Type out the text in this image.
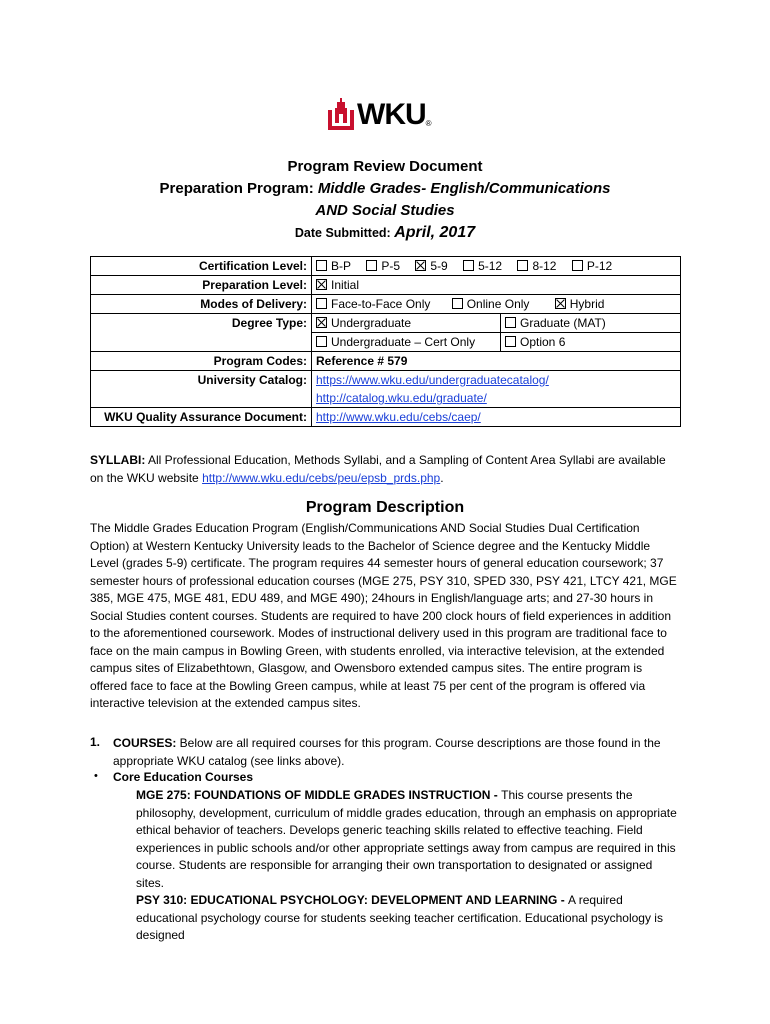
WKU ®
Program Review Document
Preparation Program: Middle Grades- English/Communications
AND Social Studies
Date Submitted: April, 2017
Certification Level:	B-P P-5 5-9 5-12 8-12 P-12
Preparation Level:	Initial
Modes of Delivery:	Face-to-Face Only Online Only Hybrid
Degree Type:	Undergraduate Graduate (MAT)

	Undergraduate – Cert Only Option 6

Program Codes:	Reference # 579
University Catalog:	https://www.wku.edu/undergraduatecatalog/

	http://catalog.wku.edu/graduate/
WKU Quality Assurance Document:	http://www.wku.edu/cebs/caep/
SYLLABI: All Professional Education, Methods Syllabi, and a Sampling of Content Area Syllabi are available on the WKU website http://www.wku.edu/cebs/peu/epsb_prds.php.
Program Description
The Middle Grades Education Program (English/Communications AND Social Studies Dual Certification Option) at Western Kentucky University leads to the Bachelor of Science degree and the Kentucky Middle Level (grades 5-9) certificate. The program requires 44 semester hours of general education coursework; 37 semester hours of professional education courses (MGE 275, PSY 310, SPED 330, PSY 421, LTCY 421, MGE 385, MGE 475, MGE 481, EDU 489, and MGE 490); 24hours in English/language arts; and 27-30 hours in Social Studies content courses. Students are required to have 200 clock hours of field experiences in addition to the aforementioned coursework. Modes of instructional delivery used in this program are traditional face to face on the main campus in Bowling Green, with students enrolled, via interactive television, at the extended campus sites of Elizabethtown, Glasgow, and Owensboro extended campus sites. The entire program is offered face to face at the Bowling Green campus, while at least 75 per cent of the program is offered via interactive television at the extended campus sites.
1. COURSES: Below are all required courses for this program. Course descriptions are those found in the appropriate WKU catalog (see links above).
• Core Education Courses
MGE 275: FOUNDATIONS OF MIDDLE GRADES INSTRUCTION - This course presents the philosophy, development, curriculum of middle grades education, through an emphasis on appropriate ethical behavior of teachers. Develops generic teaching skills related to effective teaching. Field experiences in public schools and/or other appropriate settings away from campus are required in this course. Students are responsible for arranging their own transportation to designated or assigned sites.
PSY 310: EDUCATIONAL PSYCHOLOGY: DEVELOPMENT AND LEARNING - A required educational psychology course for students seeking teacher certification. Educational psychology is designed
